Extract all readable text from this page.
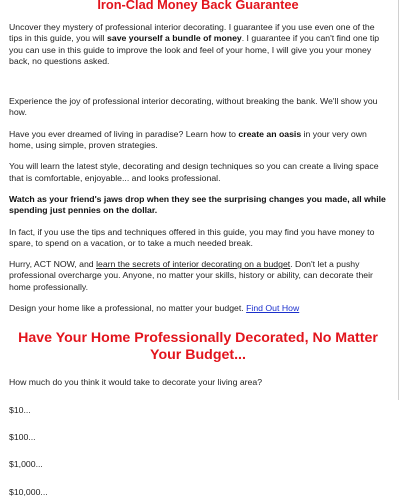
Iron-Clad Money Back Guarantee

Uncover they mystery of professional interior decorating. I guarantee if you use even one of the tips in this guide, you will save yourself a bundle of money. I guarantee if you can't find one tip you can use in this guide to improve the look and feel of your home, I will give you your money back, no questions asked.

Experience the joy of professional interior decorating, without breaking the bank. We'll show you how.

Have you ever dreamed of living in paradise? Learn how to create an oasis in your very own home, using simple, proven strategies.

You will learn the latest style, decorating and design techniques so you can create a living space that is comfortable, enjoyable... and looks professional.

Watch as your friend's jaws drop when they see the surprising changes you made, all while spending just pennies on the dollar.

In fact, if you use the tips and techniques offered in this guide, you may find you have money to spare, to spend on a vacation, or to take a much needed break.

Hurry, ACT NOW, and learn the secrets of interior decorating on a budget. Don't let a pushy professional overcharge you. Anyone, no matter your skills, history or ability, can decorate their home professionally.

Design your home like a professional, no matter your budget. Find Out How

Have Your Home Professionally Decorated, No Matter Your Budget...

How much do you think it would take to decorate your living area?

$10...

$100...

$1,000...

$10,000...
